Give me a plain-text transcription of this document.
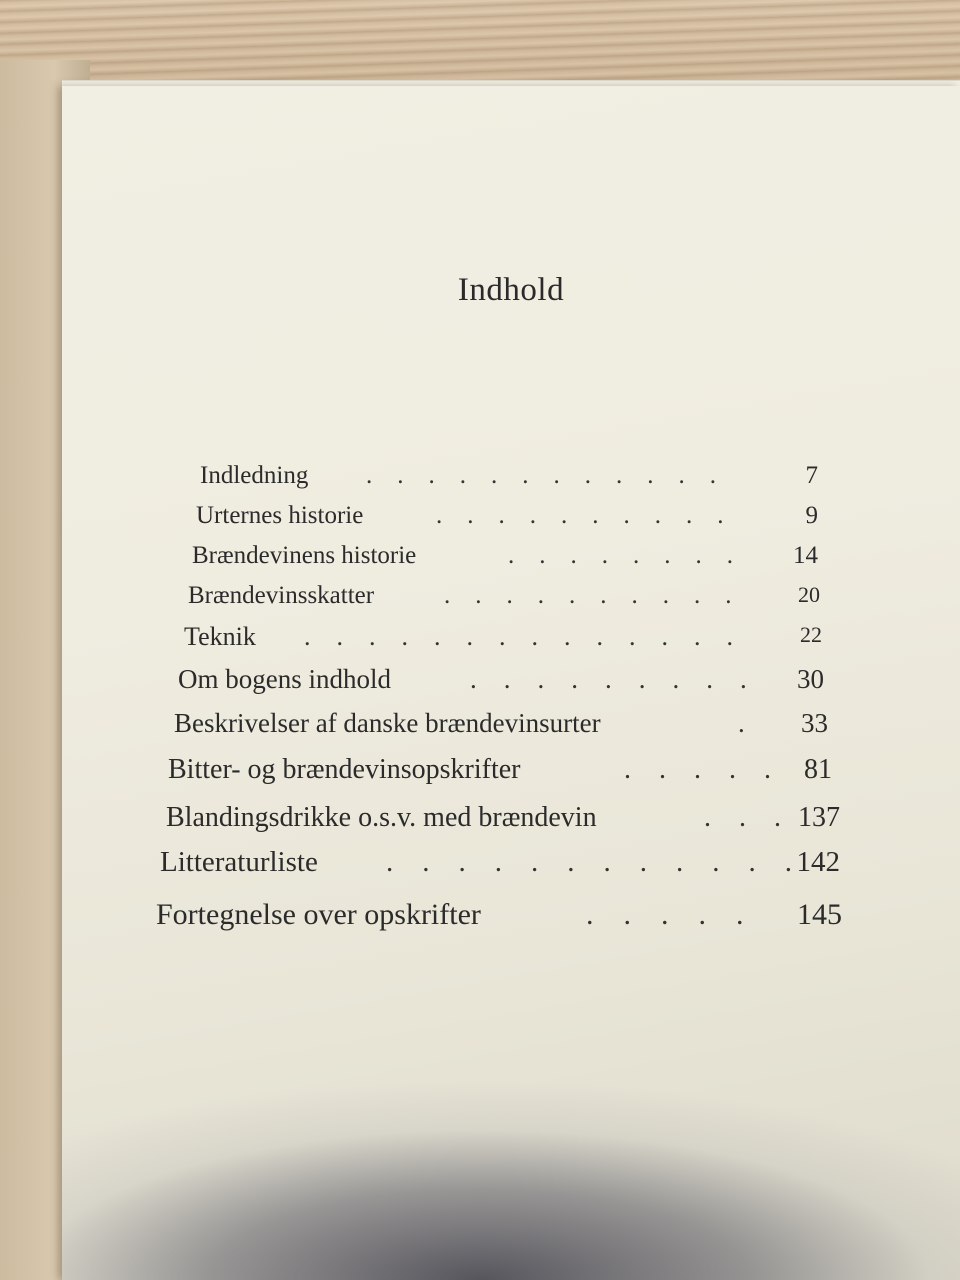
Indhold
Indledning .    .    .    .    .    .    .    .    .    .    .    .	7
Urternes historie	.    .    .    .    .    .    .    .    .    .	9
Brændevinens historie	.    .    .    .    .    .    .    . 14
Brændevinsskatter	.    .    .    .    .    .    .    .    .    .	20
Teknik .    .    .    .    .    .    .    .    .    .    .    .    .    .	22
Om bogens indhold	.    .    .    .    .    .    .    .    . 30
Beskrivelser af danske brændevinsurter	. 33
Bitter- og brændevinsopskrifter	.    .    .    .    . 81
Blandingsdrikke o.s.v. med brændevin	.    .    . 137
Litteraturliste .    .    .    .    .    .    .    .    .    .    .    . 142
Fortegnelse over opskrifter	.    .    .    .    . 145
